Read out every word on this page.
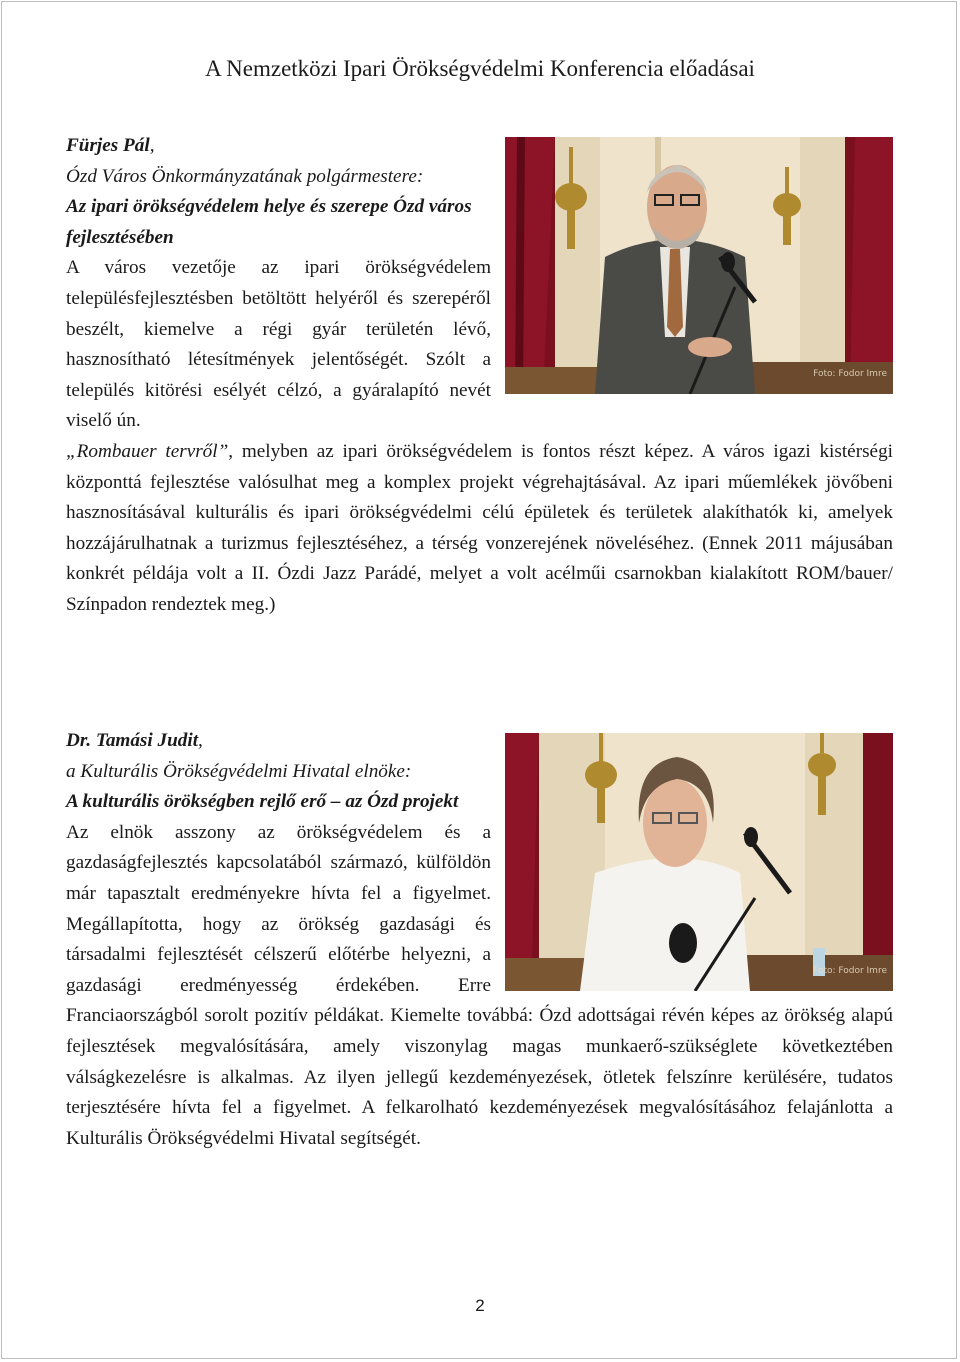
A Nemzetközi Ipari Örökségvédelmi Konferencia előadásai
Foto: Fodor Imre
Fürjes Pál,
Ózd Város Önkormányzatának polgármestere:
Az ipari örökségvédelem helye és szerepe Ózd város fejlesztésében
A város vezetője az ipari örökségvédelem településfejlesztésben betöltött helyéről és szerepéről beszélt, kiemelve a régi gyár területén lévő, hasznosítható létesítmények jelentőségét. Szólt a település kitörési esélyét célzó, a gyáralapító nevét viselő ún.
„Rombauer tervről”, melyben az ipari örökségvédelem is fontos részt képez. A város igazi kistérségi központtá fejlesztése valósulhat meg a komplex projekt végrehajtásával. Az ipari műemlékek jövőbeni hasznosításával kulturális és ipari örökségvédelmi célú épületek és területek alakíthatók ki, amelyek hozzájárulhatnak a turizmus fejlesztéséhez, a térség vonzerejének növeléséhez. (Ennek 2011 májusában konkrét példája volt a II. Ózdi Jazz Parádé, melyet a volt acélműi csarnokban kialakított ROM/bauer/ Színpadon rendeztek meg.)
Foto: Fodor Imre
Dr. Tamási Judit,
a Kulturális Örökségvédelmi Hivatal elnöke:
A kulturális örökségben rejlő erő – az Ózd projekt
Az elnök asszony az örökségvédelem és a gazdaságfejlesztés kapcsolatából származó, külföldön már tapasztalt eredményekre hívta fel a figyelmet. Megállapította, hogy az örökség gazdasági és társadalmi fejlesztését célszerű előtérbe helyezni, a gazdasági eredményesség érdekében. Erre Franciaországból sorolt pozitív példákat. Kiemelte továbbá: Ózd adottságai révén képes az örökség alapú fejlesztések megvalósítására, amely viszonylag magas munkaerő-szükséglete következtében válságkezelésre is alkalmas. Az ilyen jellegű kezdeményezések, ötletek felszínre kerülésére, tudatos terjesztésére hívta fel a figyelmet. A felkarolható kezdeményezések megvalósításához felajánlotta a Kulturális Örökségvédelmi Hivatal segítségét.
2
